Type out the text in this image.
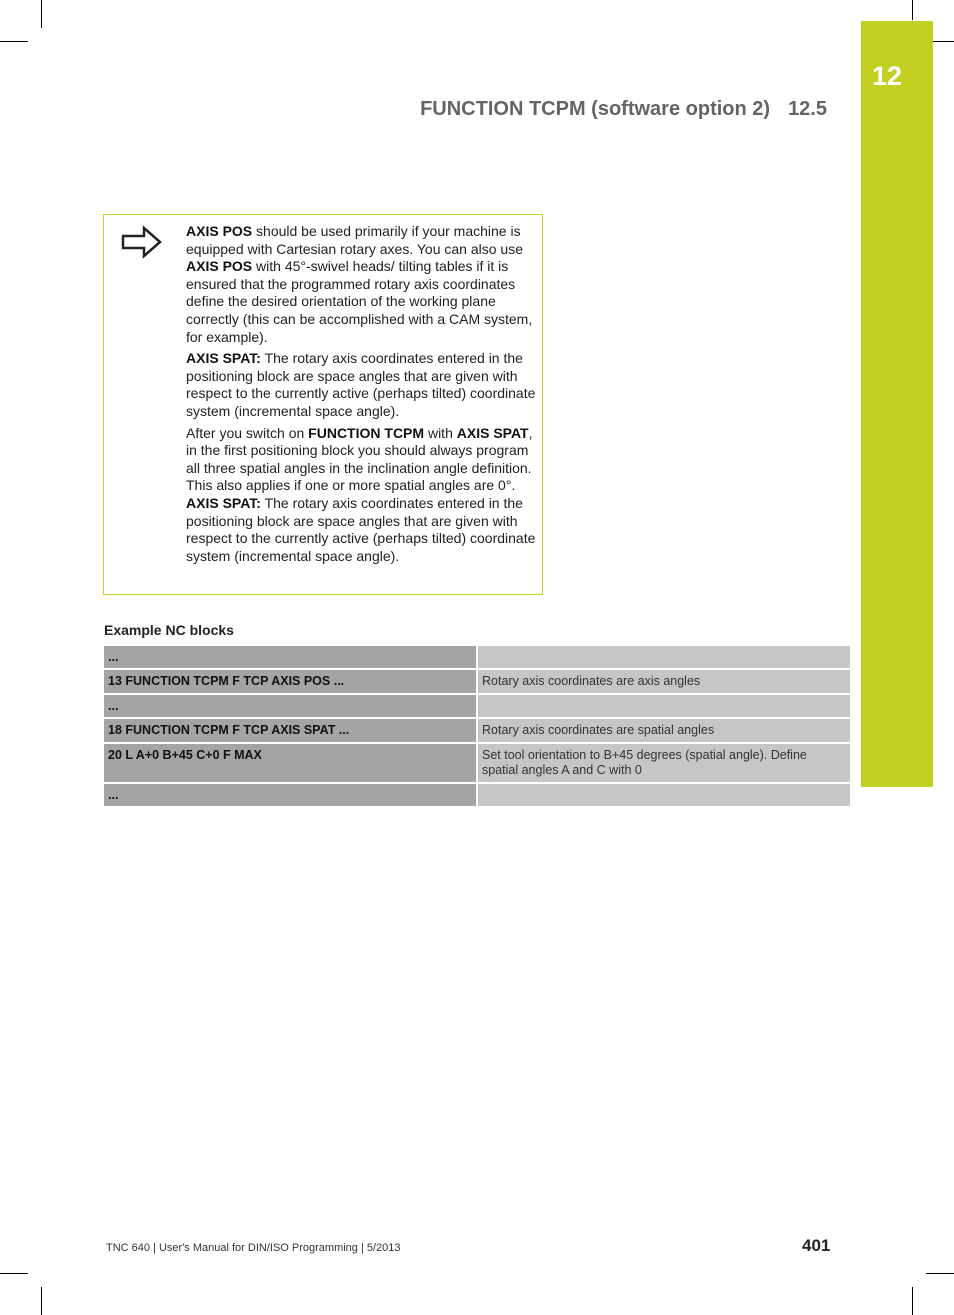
12
FUNCTION TCPM (software option 2) 12.5

AXIS POS should be used primarily if your machine is equipped with Cartesian rotary axes. You can also use AXIS POS with 45°-swivel heads/ tilting tables if it is ensured that the programmed rotary axis coordinates define the desired orientation of the working plane correctly (this can be accomplished with a CAM system, for example).

AXIS SPAT: The rotary axis coordinates entered in the positioning block are space angles that are given with respect to the currently active (perhaps tilted) coordinate system (incremental space angle).

After you switch on FUNCTION TCPM with AXIS SPAT, in the first positioning block you should always program all three spatial angles in the inclination angle definition. This also applies if one or more spatial angles are 0°. AXIS SPAT: The rotary axis coordinates entered in the positioning block are space angles that are given with respect to the currently active (perhaps tilted) coordinate system (incremental space angle).

Example NC blocks
...
13 FUNCTION TCPM F TCP AXIS POS ...	Rotary axis coordinates are axis angles
...
18 FUNCTION TCPM F TCP AXIS SPAT ...	Rotary axis coordinates are spatial angles
20 L A+0 B+45 C+0 F MAX	Set tool orientation to B+45 degrees (spatial angle). Define spatial angles A and C with 0
...
TNC 640 | User's Manual for DIN/ISO Programming | 5/2013	401
